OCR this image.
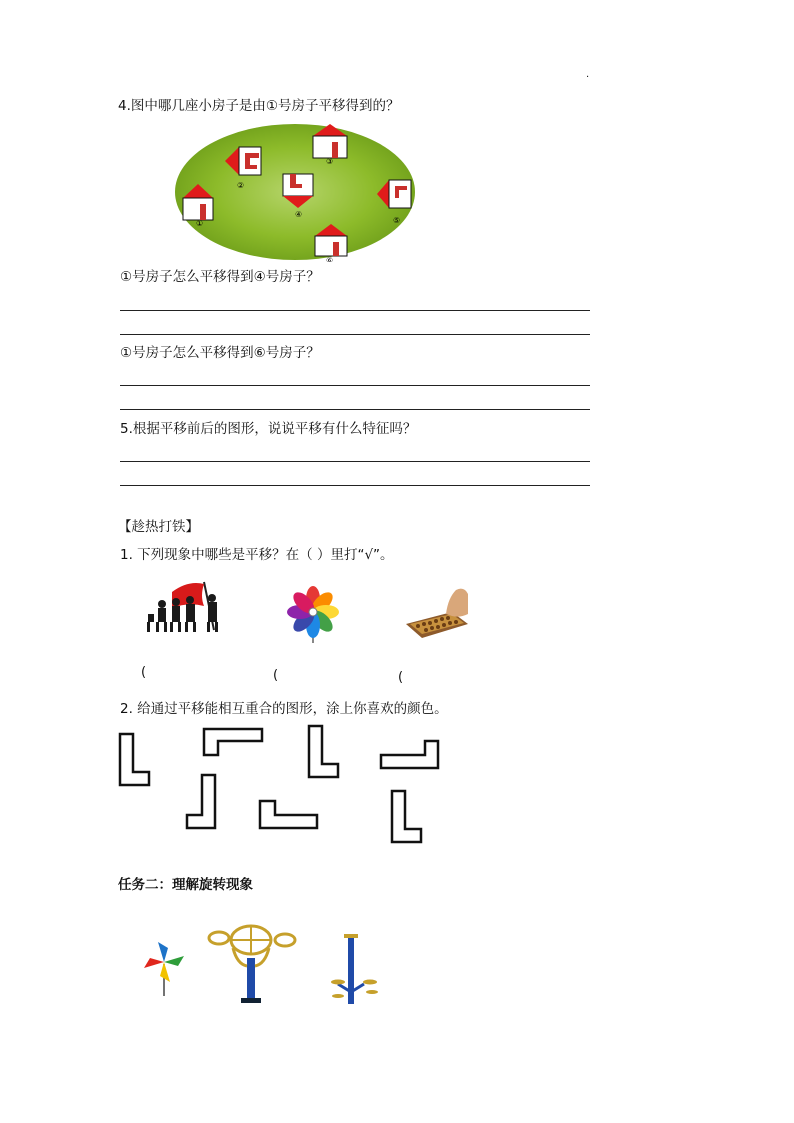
·
4.图中哪几座小房子是由①号房子平移得到的？
①
②
③
④
⑤
⑥
①号房子怎么平移得到④号房子？
①号房子怎么平移得到⑥号房子？
5.根据平移前后的图形，说说平移有什么特征吗？
【趁热打铁】
1. 下列现象中哪些是平移？在（ ）里打“√”。
(	(	(
2. 给通过平移能相互重合的图形，涂上你喜欢的颜色。
任务二：理解旋转现象
